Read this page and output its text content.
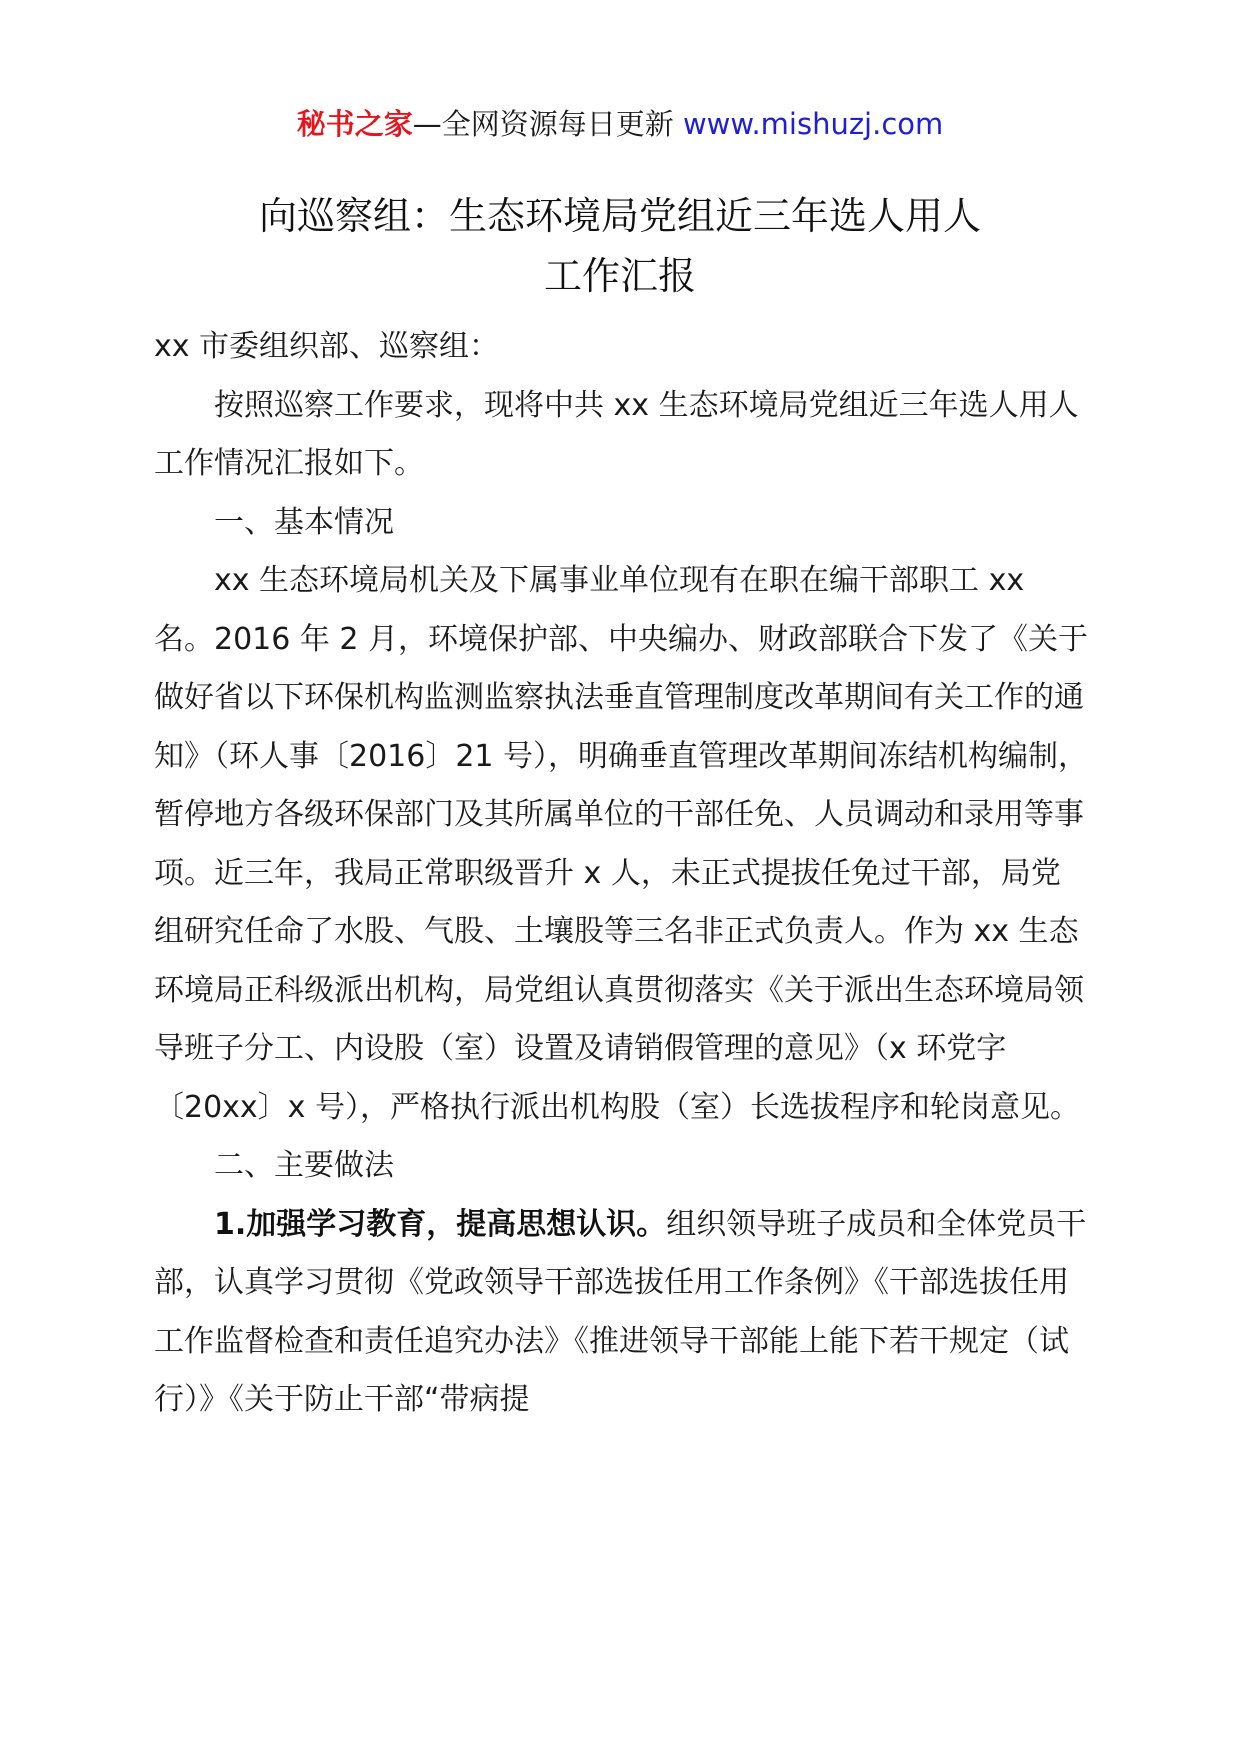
秘书之家—全网资源每日更新 www.mishuzj.com
向巡察组：生态环境局党组近三年选人用人
工作汇报

xx 市委组织部、巡察组：

按照巡察工作要求，现将中共 xx 生态环境局党组近三年选人用人工作情况汇报如下。

一、基本情况

xx 生态环境局机关及下属事业单位现有在职在编干部职工 xx 名。2016 年 2 月，环境保护部、中央编办、财政部联合下发了《关于做好省以下环保机构监测监察执法垂直管理制度改革期间有关工作的通知》（环人事〔2016〕21 号），明确垂直管理改革期间冻结机构编制，暂停地方各级环保部门及其所属单位的干部任免、人员调动和录用等事项。近三年，我局正常职级晋升 x 人，未正式提拔任免过干部，局党组研究任命了水股、气股、土壤股等三名非正式负责人。作为 xx 生态环境局正科级派出机构，局党组认真贯彻落实《关于派出生态环境局领导班子分工、内设股（室）设置及请销假管理的意见》（x 环党字〔20xx〕x 号），严格执行派出机构股（室）长选拔程序和轮岗意见。

二、主要做法

1.加强学习教育，提高思想认识。组织领导班子成员和全体党员干部，认真学习贯彻《党政领导干部选拔任用工作条例》《干部选拔任用工作监督检查和责任追究办法》《推进领导干部能上能下若干规定（试行）》《关于防止干部“带病提
